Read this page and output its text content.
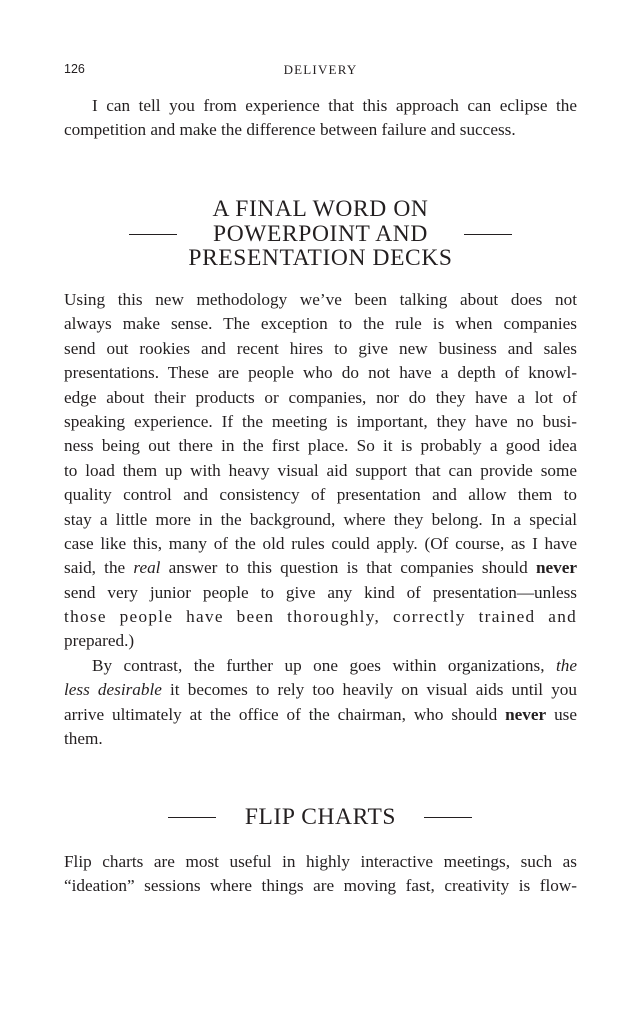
126	DELIVERY
I can tell you from experience that this approach can eclipse the
competition and make the difference between failure and success.
A FINAL WORD ON
POWERPOINT AND
PRESENTATION DECKS
Using this new methodology we’ve been talking about does not
always make sense. The exception to the rule is when companies
send out rookies and recent hires to give new business and sales
presentations. These are people who do not have a depth of knowl-
edge about their products or companies, nor do they have a lot of
speaking experience. If the meeting is important, they have no busi-
ness being out there in the first place. So it is probably a good idea
to load them up with heavy visual aid support that can provide some
quality control and consistency of presentation and allow them to
stay a little more in the background, where they belong. In a special
case like this, many of the old rules could apply. (Of course, as I have
said, the real answer to this question is that companies should never
send very junior people to give any kind of presentation—unless
those people have been thoroughly, correctly trained and
prepared.)
By contrast, the further up one goes within organizations, the
less desirable it becomes to rely too heavily on visual aids until you
arrive ultimately at the office of the chairman, who should never use
them.
FLIP CHARTS
Flip charts are most useful in highly interactive meetings, such as
“ideation” sessions where things are moving fast, creativity is flow-
